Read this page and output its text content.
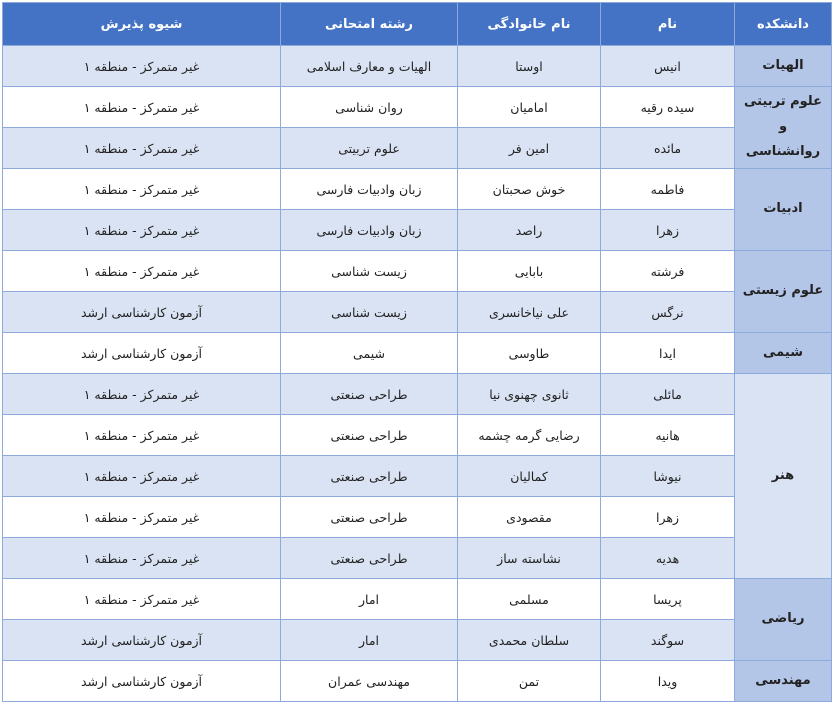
دانشکده	نام	نام خانوادگی	رشته امتحانی	شیوه پذیرش
الهیات	انیس	اوستا	الهیات و معارف اسلامی	غیر متمرکز - منطقه ۱
علوم تربیتی و روانشناسی	سیده رقیه	امامیان	روان شناسی	غیر متمرکز - منطقه ۱
	مائده	امین فر	علوم تربیتی	غیر متمرکز - منطقه ۱
ادبیات	فاطمه	خوش صحبتان	زبان وادبیات فارسی	غیر متمرکز - منطقه ۱
	زهرا	راصد	زبان وادبیات فارسی	غیر متمرکز - منطقه ۱
علوم زیستی	فرشته	بابایی	زیست شناسی	غیر متمرکز - منطقه ۱
	نرگس	علی نیاخانسری	زیست شناسی	آزمون کارشناسی ارشد
شیمی	ایدا	طاوسی	شیمی	آزمون کارشناسی ارشد
هنر	مائلی	ثانوی چهنوی نیا	طراحی صنعتی	غیر متمرکز - منطقه ۱
	هانیه	رضایی گرمه چشمه	طراحی صنعتی	غیر متمرکز - منطقه ۱
	نیوشا	کمالیان	طراحی صنعتی	غیر متمرکز - منطقه ۱
	زهرا	مقصودی	طراحی صنعتی	غیر متمرکز - منطقه ۱
	هدیه	نشاسته ساز	طراحی صنعتی	غیر متمرکز - منطقه ۱
ریاضی	پریسا	مسلمی	امار	غیر متمرکز - منطقه ۱
	سوگند	سلطان محمدی	امار	آزمون کارشناسی ارشد
مهندسی	ویدا	تمن	مهندسی عمران	آزمون کارشناسی ارشد
